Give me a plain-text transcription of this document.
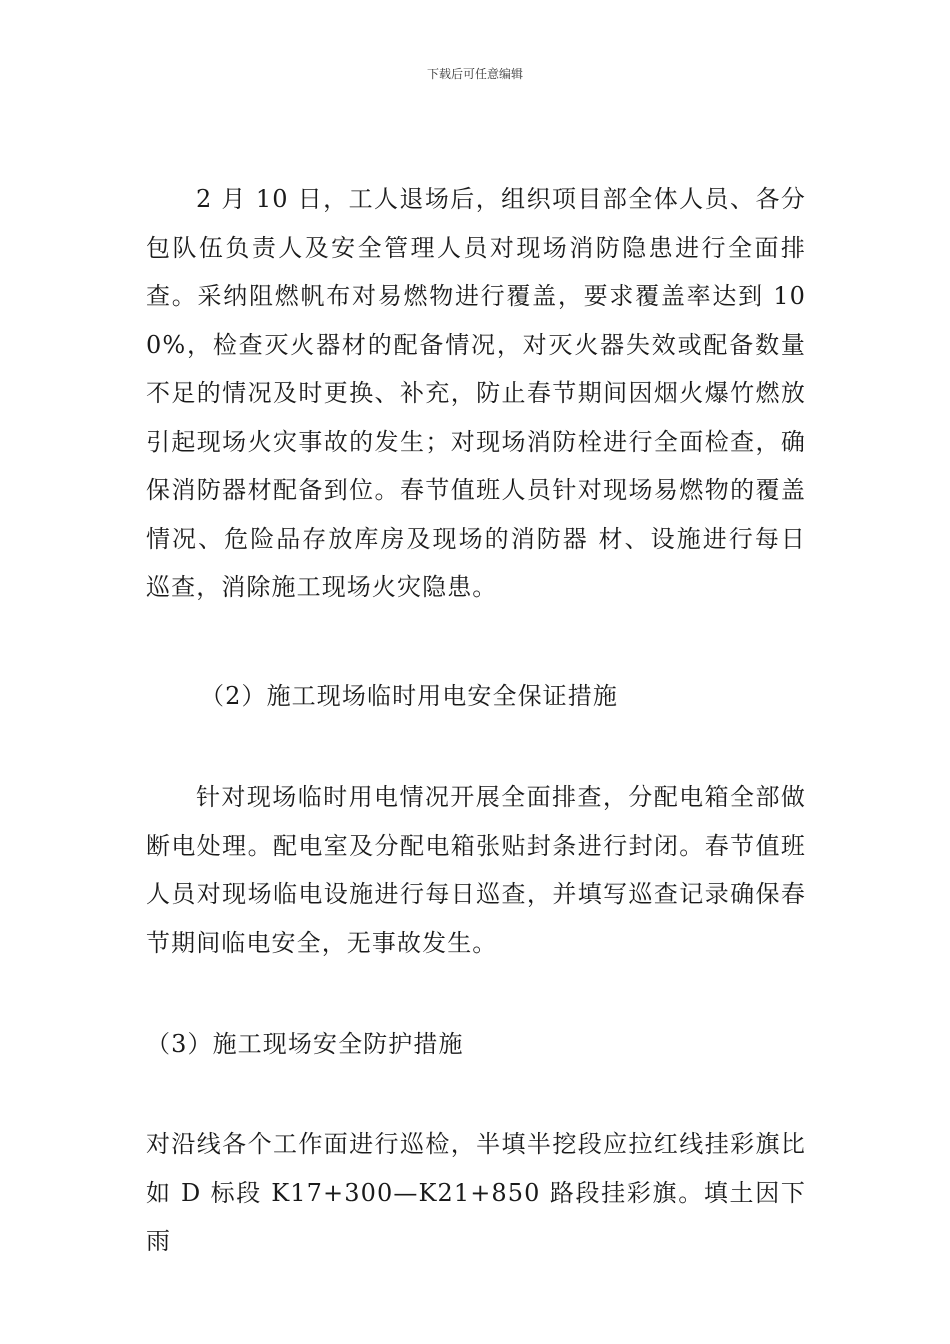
下载后可任意编辑

2 月 10 日，工人退场后，组织项目部全体人员、各分包队伍负责人及安全管理人员对现场消防隐患进行全面排查。采纳阻燃帆布对易燃物进行覆盖，要求覆盖率达到 100%，检查灭火器材的配备情况，对灭火器失效或配备数量不足的情况及时更换、补充，防止春节期间因烟火爆竹燃放引起现场火灾事故的发生；对现场消防栓进行全面检查，确保消防器材配备到位。春节值班人员针对现场易燃物的覆盖情况、危险品存放库房及现场的消防器 材、设施进行每日巡查，消除施工现场火灾隐患。

（2）施工现场临时用电安全保证措施

针对现场临时用电情况开展全面排查，分配电箱全部做断电处理。配电室及分配电箱张贴封条进行封闭。春节值班人员对现场临电设施进行每日巡查，并填写巡查记录确保春节期间临电安全，无事故发生。

（3）施工现场安全防护措施

对沿线各个工作面进行巡检，半填半挖段应拉红线挂彩旗比如 D 标段 K17+300—K21+850 路段挂彩旗。填土因下雨
